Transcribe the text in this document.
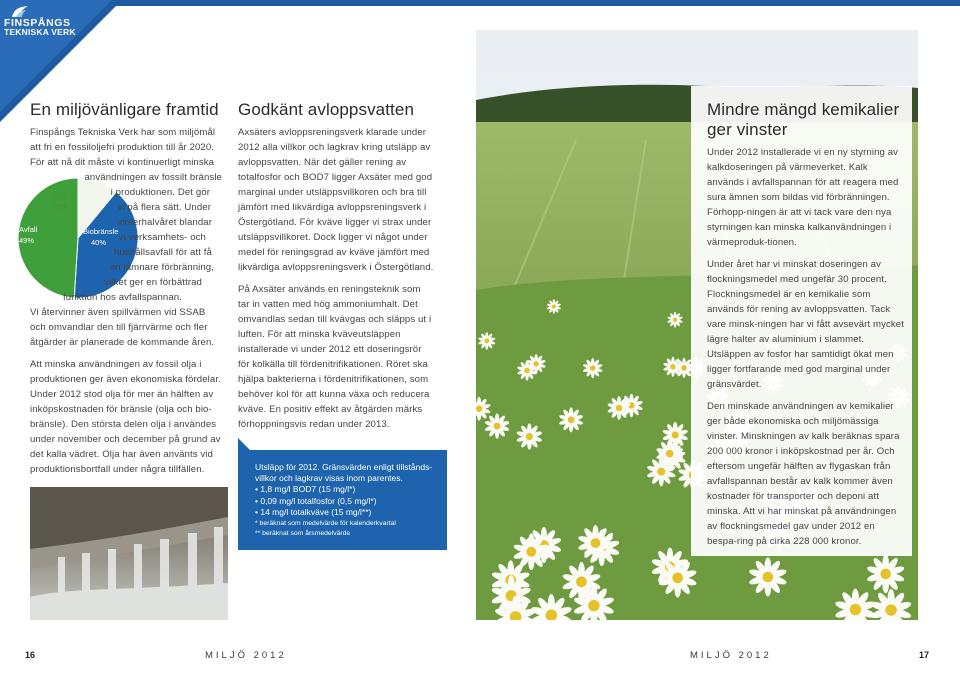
FINSPÅNGS
TEKNISKA VERK
En miljövänligare framtid
Finspångs Tekniska Verk har som miljömål
att fri en fossiloljefri produktion till år 2020.
För att nå dit måste vi kontinuerligt minska
Olja
11%
Biobränsle
40%
Avfall
49%
användningen av fossilt bränsle
i produktionen. Det gör
vi på flera sätt. Under
vinterhalvåret blandar
vi verksamhets- och
hushållsavfall för att få
en jämnare förbränning,
vilket ger en förbättrad
funktion hos avfallspannan.

Vi återvinner även spillvärmen vid SSAB och omvandlar den till fjärrvärme och fler åtgärder är planerade de kommande åren.

Att minska användningen av fossil olja i produktionen ger även ekonomiska fördelar. Under 2012 stod olja för mer än hälften av inköpskostnaden för bränsle (olja och bio-bränsle). Den största delen olja i användes under november och december på grund av det kalla vädret. Olja har även använts vid produktionsbortfall under några tillfällen.

Godkänt avloppsvatten

Axsäters avloppsreningsverk klarade under 2012 alla villkor och lagkrav kring utsläpp av avloppsvatten. När det gäller rening av totalfosfor och BOD7 ligger Axsäter med god marginal under utsläppsvillkoren och bra till jämfört med likvärdiga avloppsreningsverk i Östergötland. För kväve ligger vi strax under utsläppsvillkoret. Dock ligger vi något under medel för reningsgrad av kväve jämfört med likvärdiga avloppsreningsverk i Östergötland.

På Axsäter används en reningsteknik som tar in vatten med hög ammoniumhalt. Det omvandlas sedan till kvävgas och släpps ut i luften. För att minska kväveutsläppen installerade vi under 2012 ett doseringsrör för kolkälla till fördenitrifikationen. Röret ska hjälpa bakterierna i fördenitrifikationen, som behöver kol för att kunna växa och reducera kväve. En positiv effekt av åtgärden märks förhoppningsvis redan under 2013.

Utsläpp för 2012. Gränsvärden enligt tillstånds-villkor och lagkrav visas inom parentes.

• 1,8 mg/l BOD7 (15 mg/l*)

• 0,09 mg/l totalfosfor (0,5 mg/l*)

• 14 mg/l totalkväve (15 mg/l**)

* beräknat som medelvärde för kalenderkvartal

** beräknat som årsmedelvärde

Mindre mängd kemikalier
ger vinster

Under 2012 installerade vi en ny styrning av kalkdoseringen på värmeverket. Kalk används i avfallspannan för att reagera med sura ämnen som bildas vid förbränningen. Förhopp-ningen är att vi tack vare den nya styrningen kan minska kalkanvändningen i värmeproduk-tionen.

Under året har vi minskat doseringen av flockningsmedel med ungefär 30 procent. Flockningsmedel är en kemikalie som används för rening av avloppsvatten. Tack vare minsk-ningen har vi fått avsevärt mycket lägre halter av aluminium i slammet. Utsläppen av fosfor har samtidigt ökat men ligger fortfarande med god marginal under gränsvärdet.

Den minskade användningen av kemikalier ger både ekonomiska och miljömässiga vinster. Minskningen av kalk beräknas spara 200 000 kronor i inköpskostnad per år. Och eftersom ungefär hälften av flygaskan från avfallspannan består av kalk kommer även kostnader för transporter och deponi att minska. Att vi har minskat på användningen av flockningsmedel gav under 2012 en bespa-ring på cirka 228 000 kronor.

16	MILJÖ 2012	MILJÖ 2012	17
